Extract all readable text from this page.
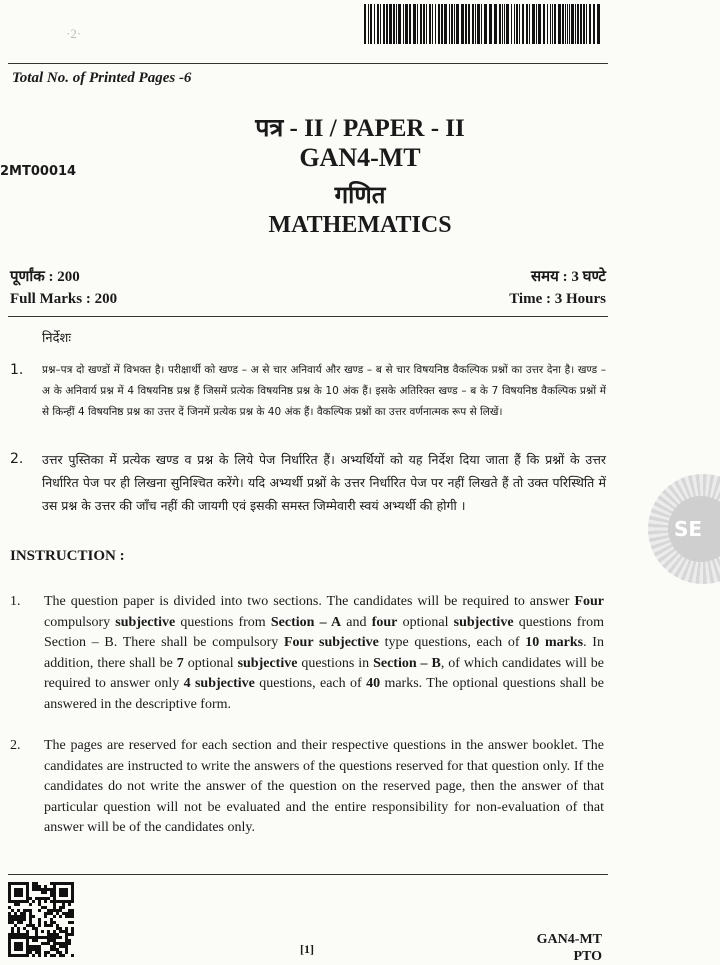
·2·
Total No. of Printed Pages -6
पत्र - II / PAPER - II
GAN4-MT
2MT00014
गणित
MATHEMATICS
पूर्णांक : 200
Full Marks : 200
समय : 3 घण्टे
Time : 3 Hours
निर्देशः
1.	प्रश्न–पत्र दो खण्डों में विभक्त है। परीक्षार्थी को खण्ड – अ से चार अनिवार्य और खण्ड – ब से चार विषयनिष्ठ वैकल्पिक प्रश्नों का उत्तर देना है। खण्ड – अ के अनिवार्य प्रश्न में 4 विषयनिष्ठ प्रश्न हैं जिसमें प्रत्येक विषयनिष्ठ प्रश्न के 10 अंक हैं। इसके अतिरिक्त खण्ड – ब के 7 विषयनिष्ठ वैकल्पिक प्रश्नों में से किन्हीं 4 विषयनिष्ठ प्रश्न का उत्तर दें जिनमें प्रत्येक प्रश्न के 40 अंक हैं। वैकल्पिक प्रश्नों का उत्तर वर्णनात्मक रूप से लिखें।
2.	उत्तर पुस्तिका में प्रत्येक खण्ड व प्रश्न के लिये पेज निर्धारित हैं। अभ्यर्थियों को यह निर्देश दिया जाता हैं कि प्रश्नों के उत्तर निर्धारित पेज पर ही लिखना सुनिश्चित करेंगे। यदि अभ्यर्थी प्रश्नों के उत्तर निर्धारित पेज पर नहीं लिखते हैं तो उक्त परिस्थिति में उस प्रश्न के उत्तर की जाँच नहीं की जायगी एवं इसकी समस्त जिम्मेवारी स्वयं अभ्यर्थी की होगी ।
INSTRUCTION :
1.	The question paper is divided into two sections. The candidates will be required to answer Four compulsory subjective questions from Section – A and four optional subjective questions from Section – B. There shall be compulsory Four subjective type questions, each of 10 marks. In addition, there shall be 7 optional subjective questions in Section – B, of which candidates will be required to answer only 4 subjective questions, each of 40 marks. The optional questions shall be answered in the descriptive form.
2.	The pages are reserved for each section and their respective questions in the answer booklet. The candidates are instructed to write the answers of the questions reserved for that question only. If the candidates do not write the answer of the question on the reserved page, then the answer of that particular question will not be evaluated and the entire responsibility for non-evaluation of that answer will be of the candidates only.
SE
[1]
GAN4-MT
PTO
